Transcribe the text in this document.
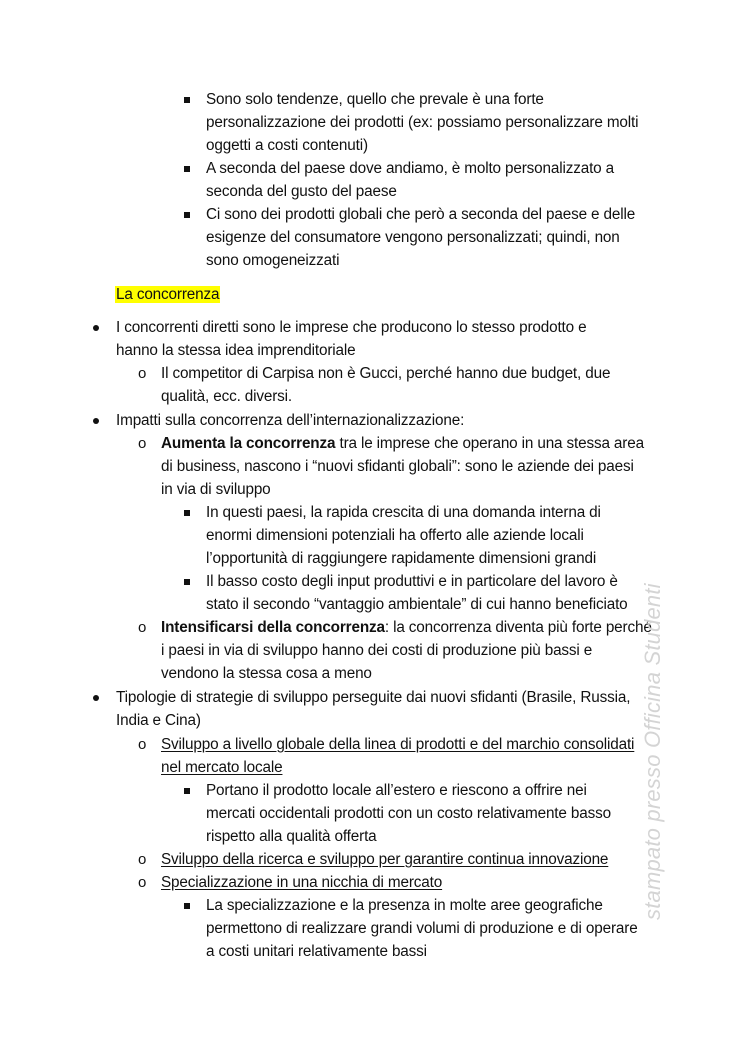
Sono solo tendenze, quello che prevale è una forte
personalizzazione dei prodotti (ex: possiamo personalizzare molti
oggetti a costi contenuti)
A seconda del paese dove andiamo, è molto personalizzato a
seconda del gusto del paese
Ci sono dei prodotti globali che però a seconda del paese e delle
esigenze del consumatore vengono personalizzati; quindi, non
sono omogeneizzati
La concorrenza
I concorrenti diretti sono le imprese che producono lo stesso prodotto e
hanno la stessa idea imprenditoriale
o Il competitor di Carpisa non è Gucci, perché hanno due budget, due
qualità, ecc. diversi.
Impatti sulla concorrenza dell’internazionalizzazione:
o Aumenta la concorrenza tra le imprese che operano in una stessa area
di business, nascono i “nuovi sfidanti globali”: sono le aziende dei paesi
in via di sviluppo
In questi paesi, la rapida crescita di una domanda interna di
enormi dimensioni potenziali ha offerto alle aziende locali
l’opportunità di raggiungere rapidamente dimensioni grandi
Il basso costo degli input produttivi e in particolare del lavoro è
stato il secondo “vantaggio ambientale” di cui hanno beneficiato
o Intensificarsi della concorrenza: la concorrenza diventa più forte perché
i paesi in via di sviluppo hanno dei costi di produzione più bassi e
vendono la stessa cosa a meno
Tipologie di strategie di sviluppo perseguite dai nuovi sfidanti (Brasile, Russia,
India e Cina)
o Sviluppo a livello globale della linea di prodotti e del marchio consolidati
nel mercato locale
Portano il prodotto locale all’estero e riescono a offrire nei
mercati occidentali prodotti con un costo relativamente basso
rispetto alla qualità offerta
o Sviluppo della ricerca e sviluppo per garantire continua innovazione
o Specializzazione in una nicchia di mercato
La specializzazione e la presenza in molte aree geografiche
permettono di realizzare grandi volumi di produzione e di operare
a costi unitari relativamente bassi
stampato presso Officina Studenti
